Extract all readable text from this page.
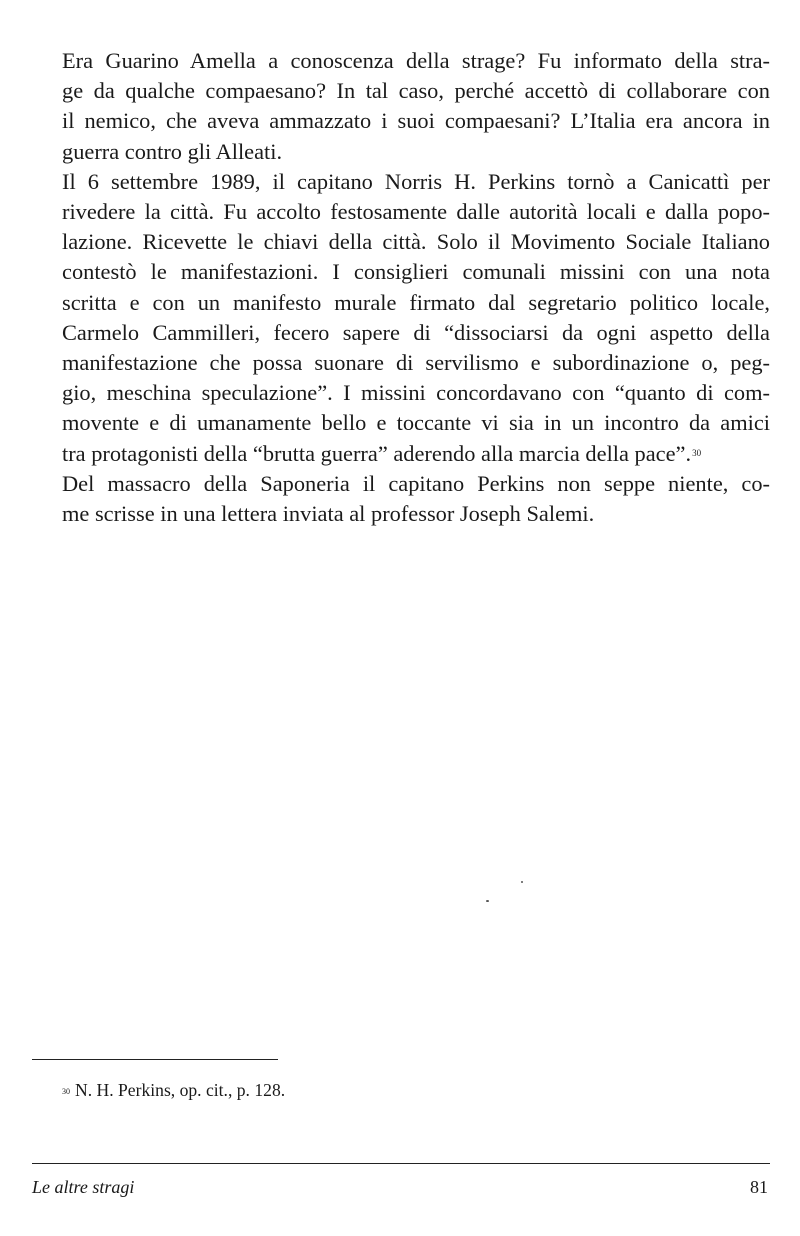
Era Guarino Amella a conoscenza della strage? Fu informato della stra-
ge da qualche compaesano? In tal caso, perché accettò di collaborare con
il nemico, che aveva ammazzato i suoi compaesani? L’Italia era ancora in
guerra contro gli Alleati.

Il 6 settembre 1989, il capitano Norris H. Perkins tornò a Canicattì per
rivedere la città. Fu accolto festosamente dalle autorità locali e dalla popo-
lazione. Ricevette le chiavi della città. Solo il Movimento Sociale Italiano
contestò le manifestazioni. I consiglieri comunali missini con una nota
scritta e con un manifesto murale firmato dal segretario politico locale,
Carmelo Cammilleri, fecero sapere di “dissociarsi da ogni aspetto della
manifestazione che possa suonare di servilismo e subordinazione o, peg-
gio, meschina speculazione”. I missini concordavano con “quanto di com-
movente e di umanamente bello e toccante vi sia in un incontro da amici
tra protagonisti della “brutta guerra” aderendo alla marcia della pace”.$^{30}$

Del massacro della Saponeria il capitano Perkins non seppe niente, co-
me scrisse in una lettera inviata al professor Joseph Salemi.

$^{30}$ N. H. Perkins, op. cit., p. 128.
Le altre stragi	81
